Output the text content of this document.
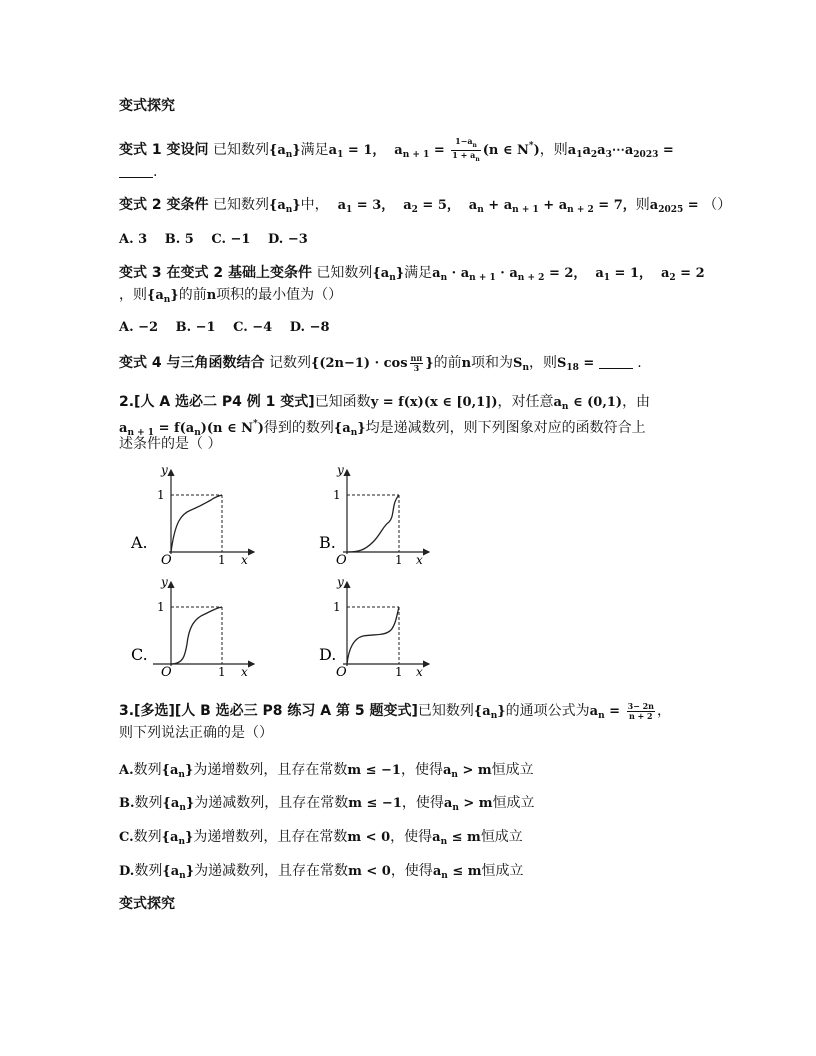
变式探究
变式 1 变设问 已知数列$\{a_n\}$满足$a_1 = 1$， $a_{n + 1} = \frac{1-a_n}{1 + a_n} (n$ ∈ N*)，则$a_1a_2a_3\cdots a_{2023}$ =
.
变式 2 变条件 已知数列$\{a_n\}$中， $a_1 = 3$， $a_2 = 5$， $a_n + a_{n + 1} + a_{n + 2} = 7$，则$a_{2025}$ = （）
A. 3　 B. 5　 C. −1　 D. −3
变式 3 在变式 2 基础上变条件 已知数列$\{a_n\}$满足$a_n \cdot a_{n + 1} \cdot a_{n + 2} = 2$， $a_1 = 1$， $a_2 = 2$
，则$\{a_n\}$的前n项积的最小值为（）
A. −2　 B. −1　 C. −4　 D. −8
变式 4 与三角函数结合 记数列{$(2n-1) \cdot \cos \frac{n\pi}{3}$ }的前n项和为$S_n$，则$S_{18}$ =  .
2.[人 A 选必二 P4 例 1 变式]已知函数y = f(x)(x ∈ [0,1])，对任意$a_n$ ∈ (0,1)，由
$a_{n + 1} = f(a_n)(n$ ∈ N*)得到的数列$\{a_n\}$均是递减数列，则下列图象对应的函数符合上
述条件的是（ ）
A.
y
x
O
1
1
B.
y
x
O
1
1
C.
y
x
O
1
1
D.
y
x
O
1
1
3.[多选][人 B 选必三 P8 练习 A 第 5 题变式]已知数列$\{a_n\}$的通项公式为$a_n = \frac{3- 2n}{n + 2}$ ，
则下列说法正确的是（）
A.数列$\{a_n\}$为递增数列，且存在常数m ≤ −1，使得$a_n > m$恒成立
B.数列$\{a_n\}$为递减数列，且存在常数m ≤ −1，使得$a_n > m$恒成立
C.数列$\{a_n\}$为递增数列，且存在常数m < 0，使得$a_n \le m$恒成立
D.数列$\{a_n\}$为递减数列，且存在常数m < 0，使得$a_n \le m$恒成立
变式探究
